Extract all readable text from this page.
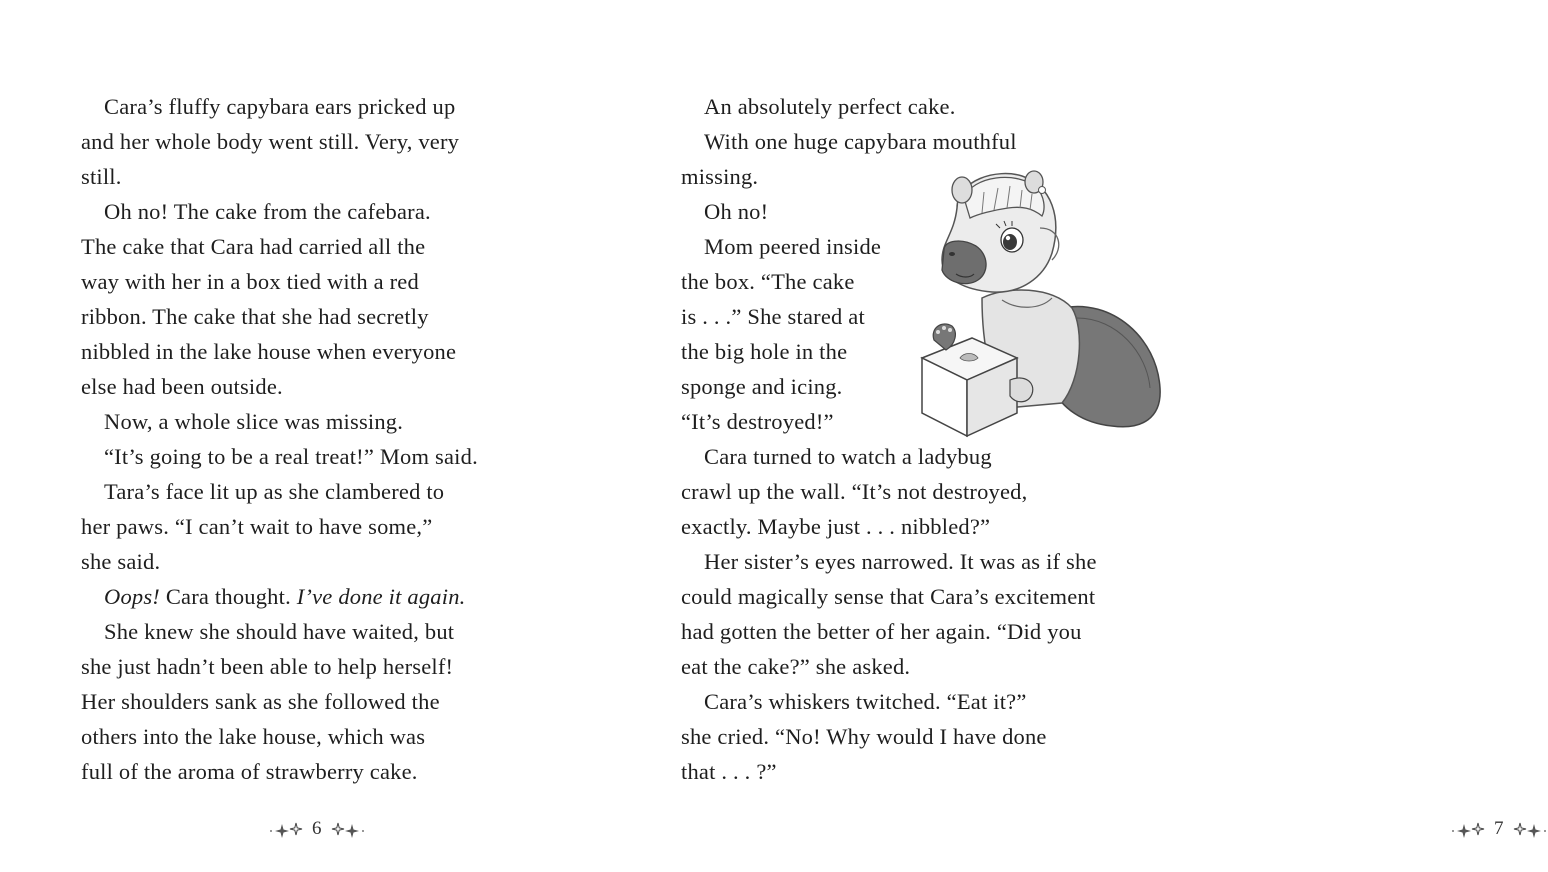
Cara’s fluffy capybara ears pricked up
and her whole body went still. Very, very
still.
Oh no! The cake from the cafebara.
The cake that Cara had carried all the
way with her in a box tied with a red
ribbon. The cake that she had secretly
nibbled in the lake house when everyone
else had been outside.
Now, a whole slice was missing.
“It’s going to be a real treat!” Mom said.
Tara’s face lit up as she clambered to
her paws. “I can’t wait to have some,”
she said.
Oops! Cara thought. I’ve done it again.
She knew she should have waited, but
she just hadn’t been able to help herself!
Her shoulders sank as she followed the
others into the lake house, which was
full of the aroma of strawberry cake.
6
An absolutely perfect cake.
With one huge capybara mouthful
missing.
Oh no!
Mom peered inside
the box. “The cake
is . . .” She stared at
the big hole in the
sponge and icing.
“It’s destroyed!”
Cara turned to watch a ladybug
crawl up the wall. “It’s not destroyed,
exactly. Maybe just . . . nibbled?”
Her sister’s eyes narrowed. It was as if she
could magically sense that Cara’s excitement
had gotten the better of her again. “Did you
eat the cake?” she asked.
Cara’s whiskers twitched. “Eat it?”
she cried. “No! Why would I have done
that . . . ?”
7
